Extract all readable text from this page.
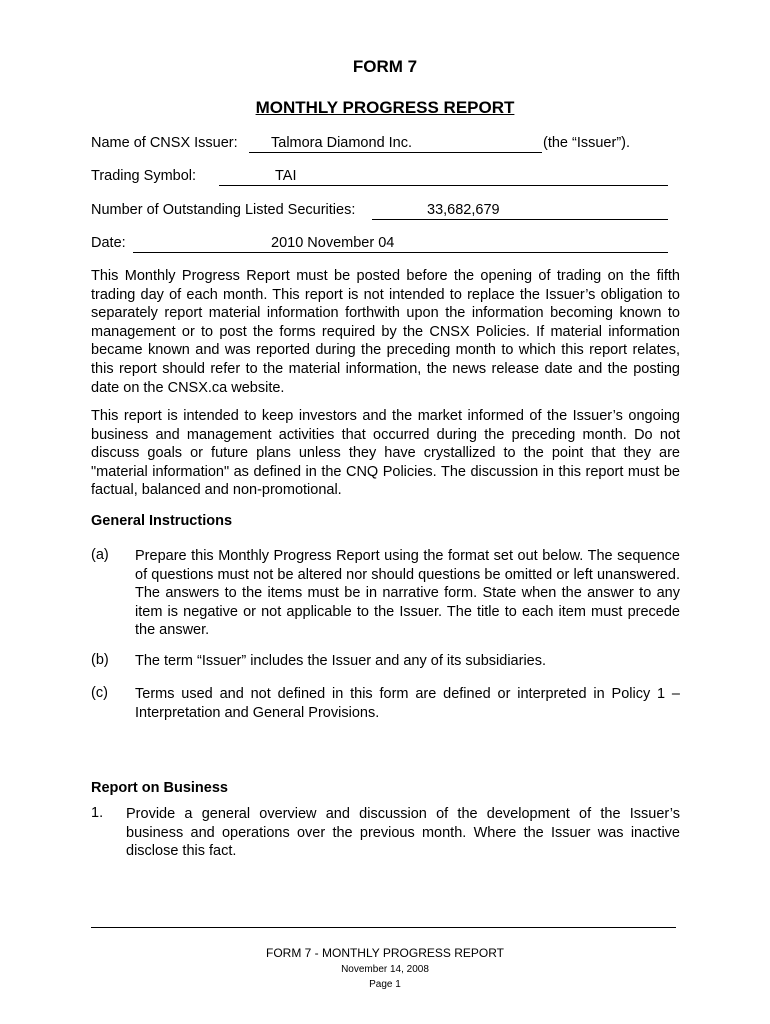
FORM 7
MONTHLY PROGRESS REPORT
Name of CNSX Issuer: Talmora Diamond Inc.	(the “Issuer”).
Trading Symbol:	TAI
Number of Outstanding Listed Securities:	33,682,679
Date:	2010 November 04
This Monthly Progress Report must be posted before the opening of trading on the fifth trading day of each month. This report is not intended to replace the Issuer’s obligation to separately report material information forthwith upon the information becoming known to management or to post the forms required by the CNSX Policies. If material information became known and was reported during the preceding month to which this report relates, this report should refer to the material information, the news release date and the posting date on the CNSX.ca website.
This report is intended to keep investors and the market informed of the Issuer’s ongoing business and management activities that occurred during the preceding month. Do not discuss goals or future plans unless they have crystallized to the point that they are "material information" as defined in the CNQ Policies. The discussion in this report must be factual, balanced and non-promotional.
General Instructions
(a) Prepare this Monthly Progress Report using the format set out below. The sequence of questions must not be altered nor should questions be omitted or left unanswered. The answers to the items must be in narrative form. State when the answer to any item is negative or not applicable to the Issuer. The title to each item must precede the answer.
(b) The term “Issuer” includes the Issuer and any of its subsidiaries.
(c) Terms used and not defined in this form are defined or interpreted in Policy 1 – Interpretation and General Provisions.
Report on Business
1. Provide a general overview and discussion of the development of the Issuer’s business and operations over the previous month. Where the Issuer was inactive disclose this fact.
FORM 7 - MONTHLY PROGRESS REPORT
November 14, 2008
Page 1
